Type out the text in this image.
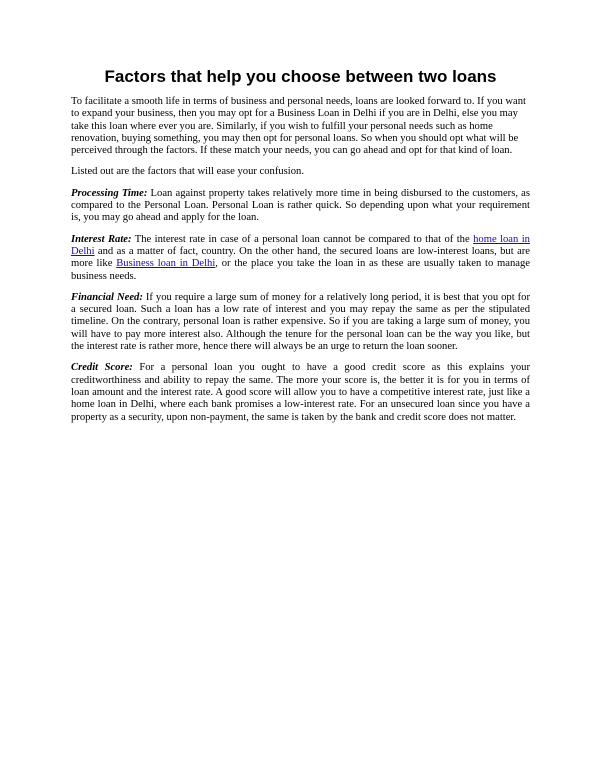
Factors that help you choose between two loans

To facilitate a smooth life in terms of business and personal needs, loans are looked forward to. If you want to expand your business, then you may opt for a Business Loan in Delhi if you are in Delhi, else you may take this loan where ever you are. Similarly, if you wish to fulfill your personal needs such as home renovation, buying something, you may then opt for personal loans. So when you should opt what will be perceived through the factors. If these match your needs, you can go ahead and opt for that kind of loan.

Listed out are the factors that will ease your confusion.

Processing Time: Loan against property takes relatively more time in being disbursed to the customers, as compared to the Personal Loan. Personal Loan is rather quick. So depending upon what your requirement is, you may go ahead and apply for the loan.

Interest Rate: The interest rate in case of a personal loan cannot be compared to that of the home loan in Delhi and as a matter of fact, country. On the other hand, the secured loans are low-interest loans, but are more like Business loan in Delhi, or the place you take the loan in as these are usually taken to manage business needs.

Financial Need: If you require a large sum of money for a relatively long period, it is best that you opt for a secured loan. Such a loan has a low rate of interest and you may repay the same as per the stipulated timeline. On the contrary, personal loan is rather expensive. So if you are taking a large sum of money, you will have to pay more interest also. Although the tenure for the personal loan can be the way you like, but the interest rate is rather more, hence there will always be an urge to return the loan sooner.

Credit Score: For a personal loan you ought to have a good credit score as this explains your creditworthiness and ability to repay the same. The more your score is, the better it is for you in terms of loan amount and the interest rate. A good score will allow you to have a competitive interest rate, just like a home loan in Delhi, where each bank promises a low-interest rate. For an unsecured loan since you have a property as a security, upon non-payment, the same is taken by the bank and credit score does not matter.
